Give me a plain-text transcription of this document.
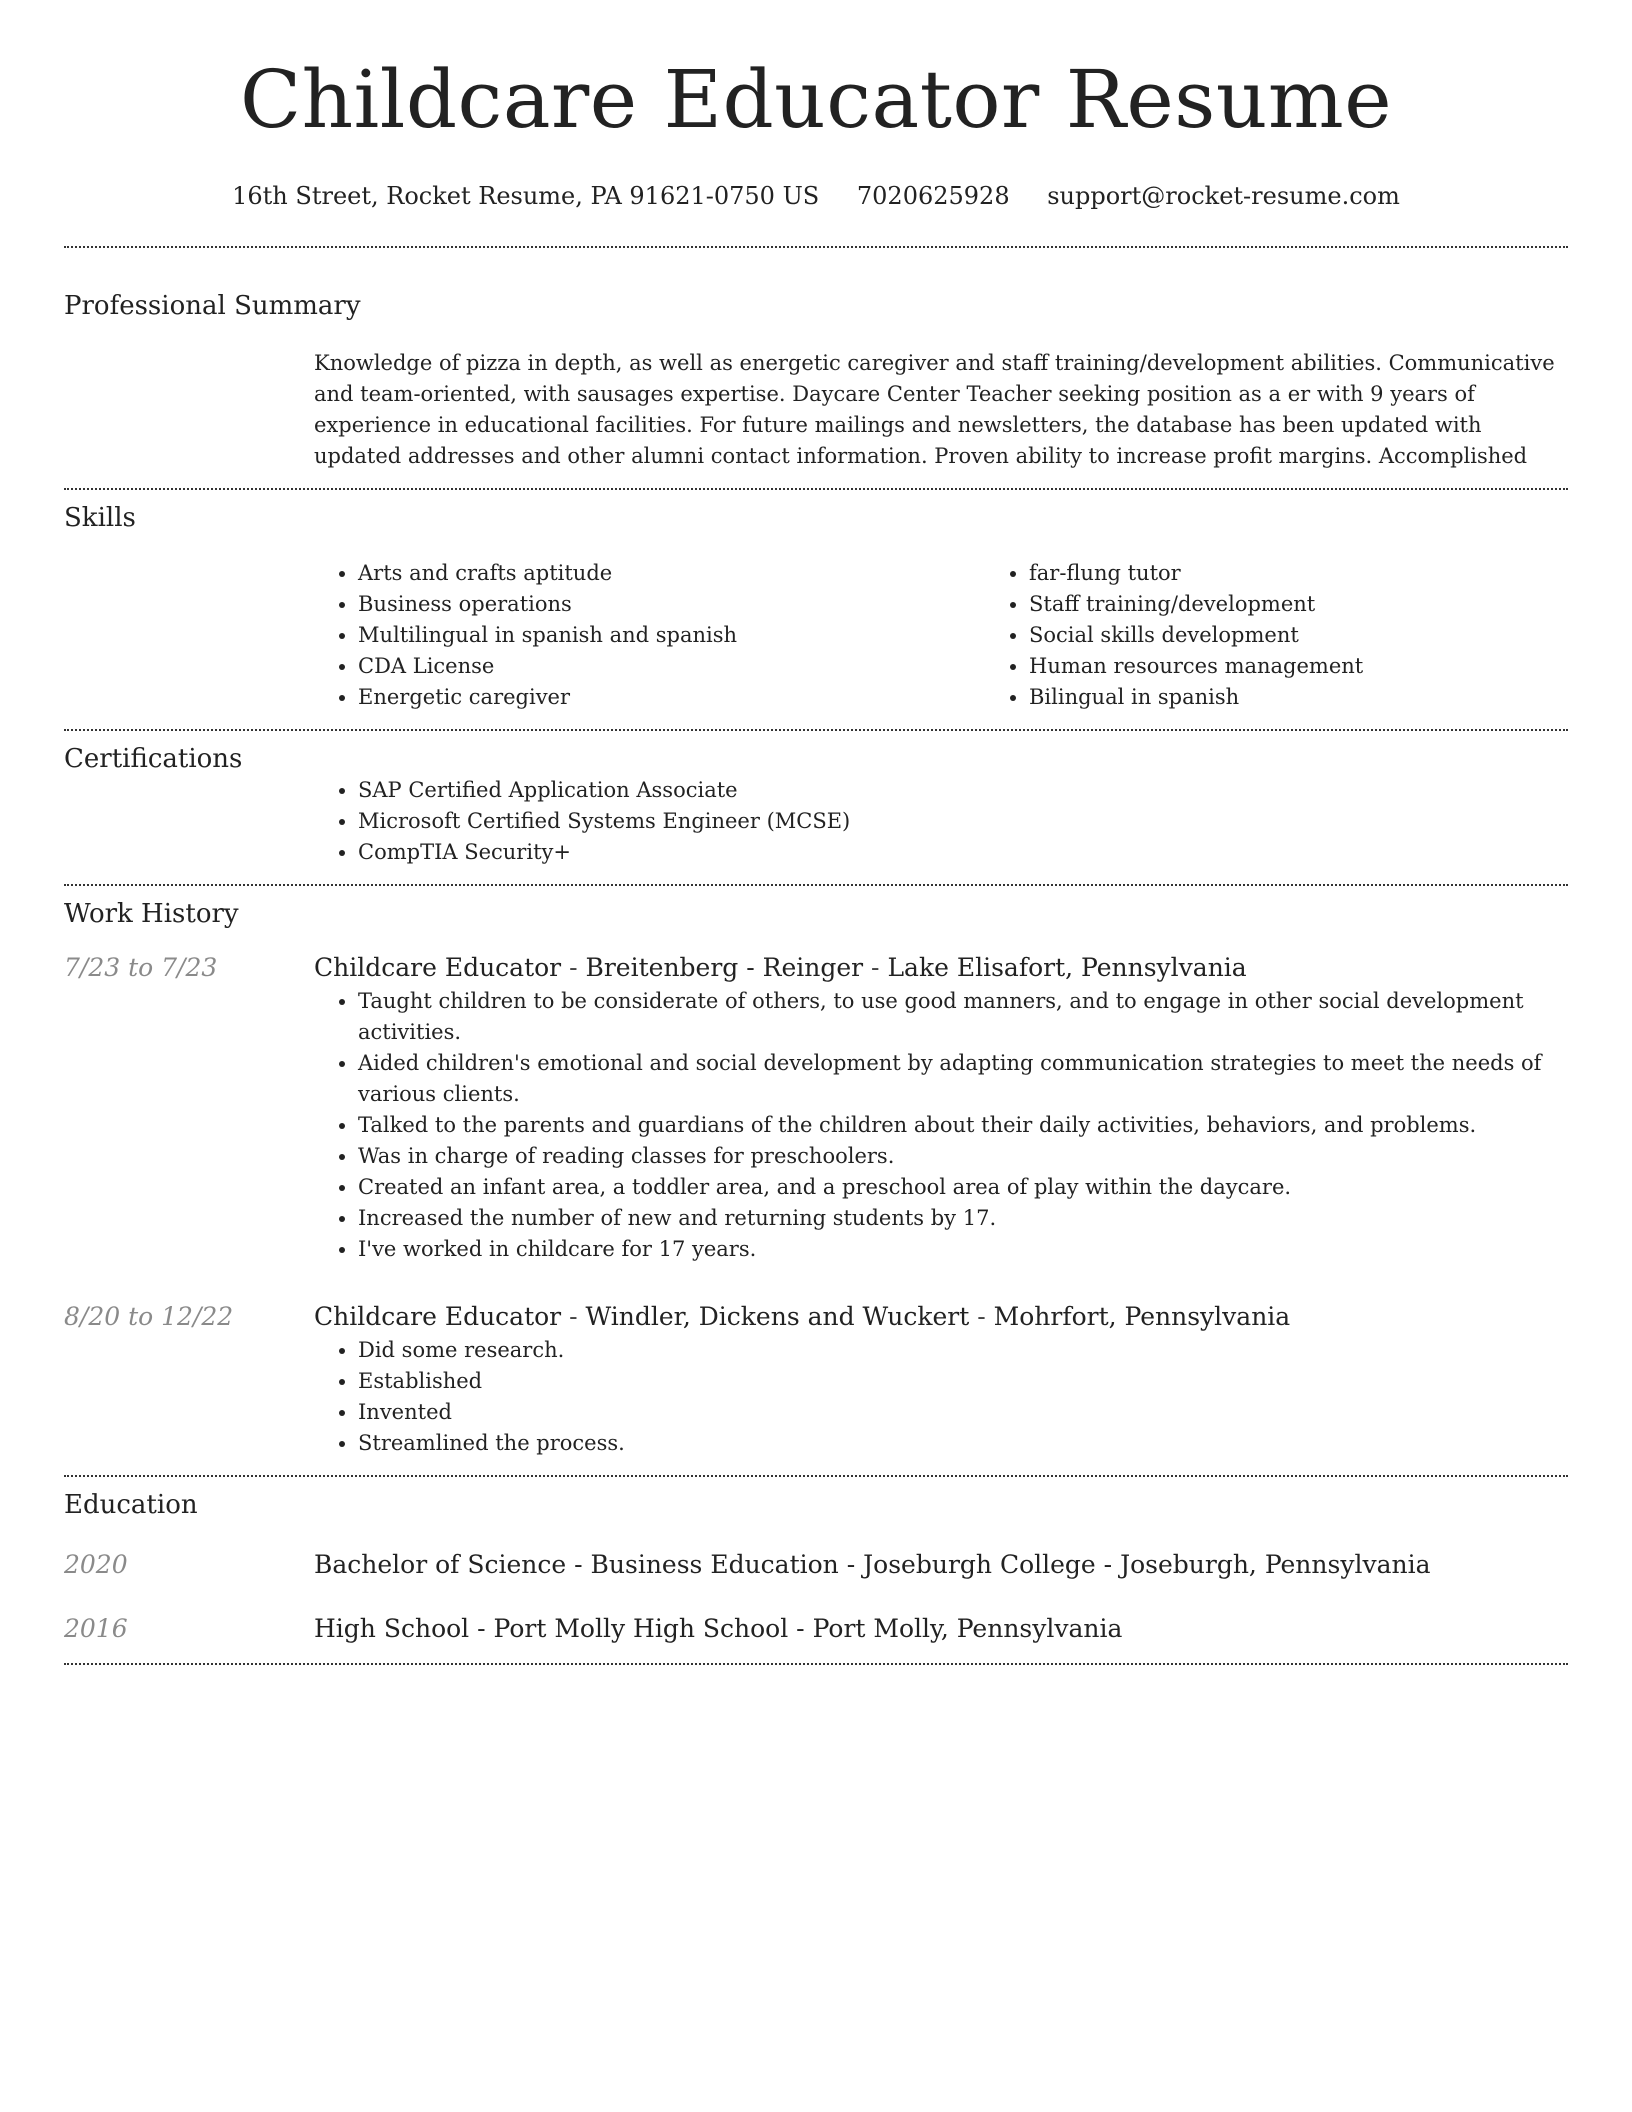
Childcare Educator Resume
16th Street, Rocket Resume, PA 91621-0750 US 7020625928 support@rocket-resume.com
Professional Summary

Knowledge of pizza in depth, as well as energetic caregiver and staff training/development abilities. Communicative and team-oriented, with sausages expertise. Daycare Center Teacher seeking position as a er with 9 years of experience in educational facilities. For future mailings and newsletters, the database has been updated with updated addresses and other alumni contact information. Proven ability to increase profit margins. Accomplished

Skills
• Arts and crafts aptitude
• Business operations
• Multilingual in spanish and spanish
• CDA License
• Energetic caregiver
• far-flung tutor
• Staff training/development
• Social skills development
• Human resources management
• Bilingual in spanish
Certifications
• SAP Certified Application Associate
• Microsoft Certified Systems Engineer (MCSE)
• CompTIA Security+
Work History
7/23 to 7/23	Childcare Educator - Breitenberg - Reinger - Lake Elisafort, Pennsylvania

• Taught children to be considerate of others, to use good manners, and to engage in other social development activities.
• Aided children's emotional and social development by adapting communication strategies to meet the needs of various clients.
• Talked to the parents and guardians of the children about their daily activities, behaviors, and problems.
• Was in charge of reading classes for preschoolers.
• Created an infant area, a toddler area, and a preschool area of play within the daycare.
• Increased the number of new and returning students by 17.
• I've worked in childcare for 17 years.
8/20 to 12/22	Childcare Educator - Windler, Dickens and Wuckert - Mohrfort, Pennsylvania

• Did some research.
• Established
• Invented
• Streamlined the process.
Education
2020	Bachelor of Science - Business Education - Joseburgh College - Joseburgh, Pennsylvania
2016	High School - Port Molly High School - Port Molly, Pennsylvania
